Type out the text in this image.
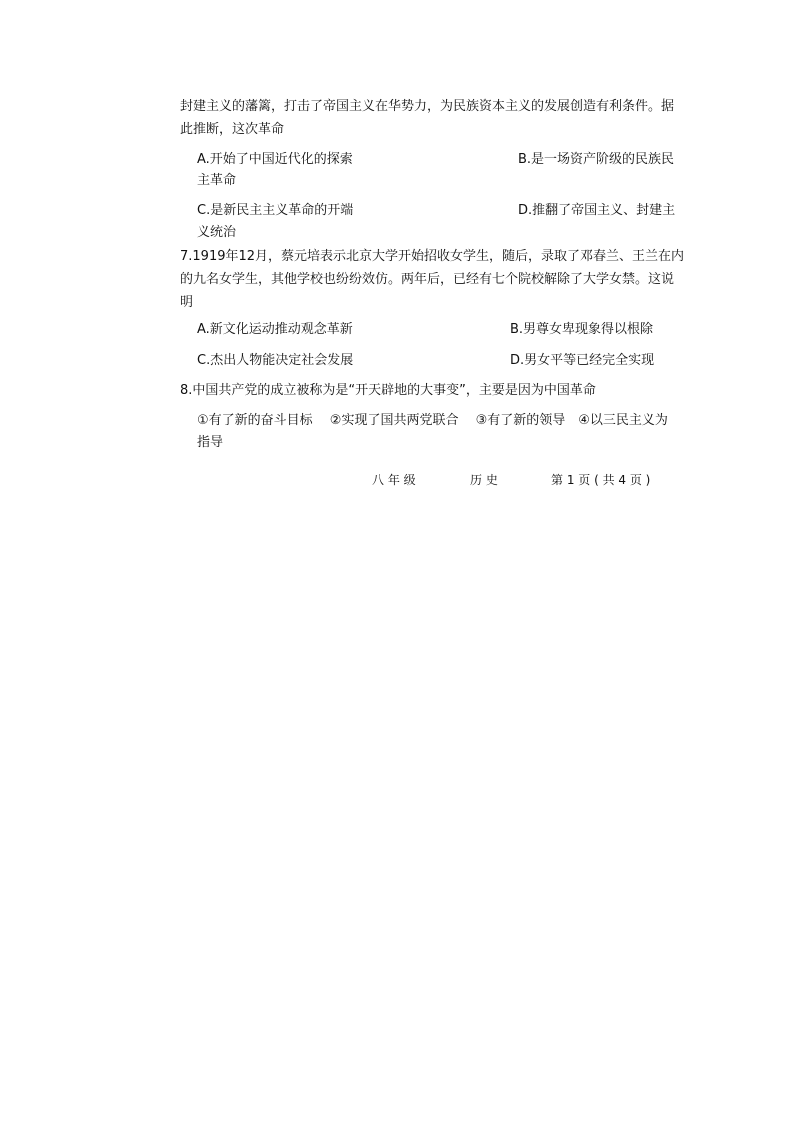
封建主义的藩篱，打击了帝国主义在华势力，为民族资本主义的发展创造有利条件。据
此推断，这次革命
A.开始了中国近代化的探索	B.是一场资产阶级的民族民
主革命
C.是新民主主义革命的开端	D.推翻了帝国主义、封建主
义统治
7.1919年12月，蔡元培表示北京大学开始招收女学生，随后，录取了邓春兰、王兰在内
的九名女学生，其他学校也纷纷效仿。两年后，已经有七个院校解除了大学女禁。这说
明
A.新文化运动推动观念革新	B.男尊女卑现象得以根除
C.杰出人物能决定社会发展	D.男女平等已经完全实现
8.中国共产党的成立被称为是“开天辟地的大事变”，主要是因为中国革命
①有了新的奋斗目标　 ②实现了国共两党联合　 ③有了新的领导　④以三民主义为
指导
八 年 级	历 史	第 1 页 ( 共 4 页 )
